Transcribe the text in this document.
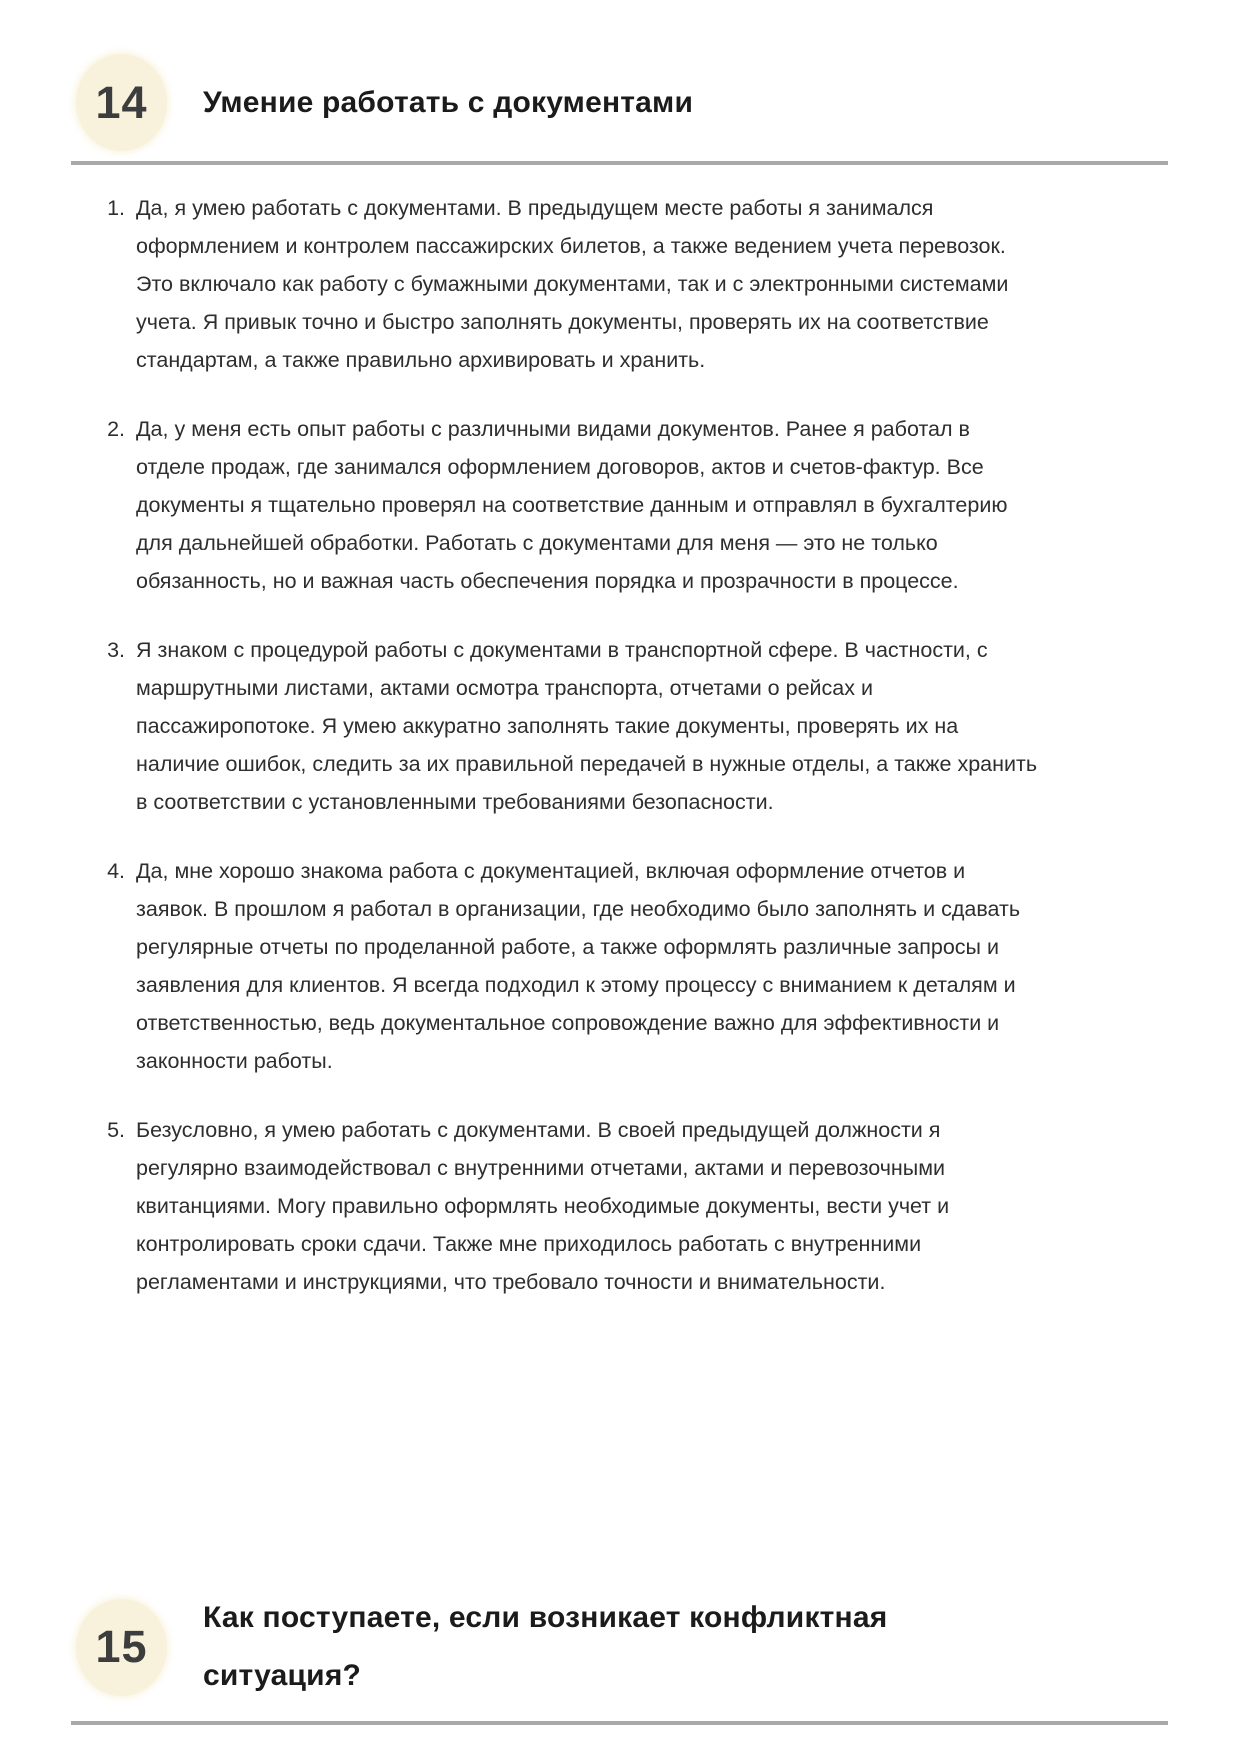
14	Умение работать с документами
1. Да, я умею работать с документами. В предыдущем месте работы я занимался оформлением и контролем пассажирских билетов, а также ведением учета перевозок. Это включало как работу с бумажными документами, так и с электронными системами учета. Я привык точно и быстро заполнять документы, проверять их на соответствие стандартам, а также правильно архивировать и хранить.
2. Да, у меня есть опыт работы с различными видами документов. Ранее я работал в отделе продаж, где занимался оформлением договоров, актов и счетов-фактур. Все документы я тщательно проверял на соответствие данным и отправлял в бухгалтерию для дальнейшей обработки. Работать с документами для меня — это не только обязанность, но и важная часть обеспечения порядка и прозрачности в процессе.
3. Я знаком с процедурой работы с документами в транспортной сфере. В частности, с маршрутными листами, актами осмотра транспорта, отчетами о рейсах и пассажиропотоке. Я умею аккуратно заполнять такие документы, проверять их на наличие ошибок, следить за их правильной передачей в нужные отделы, а также хранить в соответствии с установленными требованиями безопасности.
4. Да, мне хорошо знакома работа с документацией, включая оформление отчетов и заявок. В прошлом я работал в организации, где необходимо было заполнять и сдавать регулярные отчеты по проделанной работе, а также оформлять различные запросы и заявления для клиентов. Я всегда подходил к этому процессу с вниманием к деталям и ответственностью, ведь документальное сопровождение важно для эффективности и законности работы.
5. Безусловно, я умею работать с документами. В своей предыдущей должности я регулярно взаимодействовал с внутренними отчетами, актами и перевозочными квитанциями. Могу правильно оформлять необходимые документы, вести учет и контролировать сроки сдачи. Также мне приходилось работать с внутренними регламентами и инструкциями, что требовало точности и внимательности.
15
Как поступаете, если возникает конфликтная ситуация?
